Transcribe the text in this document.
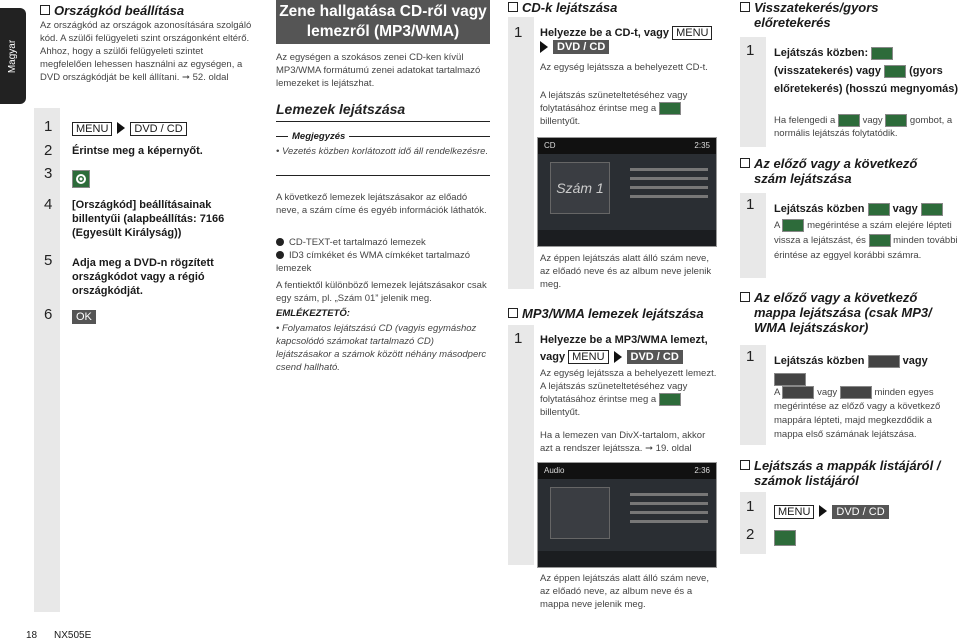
Magyar
Országkód beállítása
Az országkód az országok azonosítására szolgáló kód. A szülői felügyeleti szint országonként eltérő. Ahhoz, hogy a szülői felügyeleti szintet megfelelően lehessen használni az egységen, a DVD országkódját be kell állítani. ➞ 52. oldal
1	MENU DVD / CD
2 Érintse meg a képernyőt.
3
4 [Országkód] beállításainak billentyűi (alapbeállítás: 7166 (Egyesült Királyság))
5 Adja meg a DVD-n rögzített országkódot vagy a régió országkódját.
6	OK
Zene hallgatása CD-ről vagy lemezről (MP3/WMA)
Az egységen a szokásos zenei CD-ken kívül MP3/WMA formátumú zenei adatokat tartalmazó lemezeket is lejátszhat.
Lemezek lejátszása
Megjegyzés
• Vezetés közben korlátozott idő áll rendelkezésre.
A következő lemezek lejátszásakor az előadó neve, a szám címe és egyéb információk láthatók.
CD-TEXT-et tartalmazó lemezek
ID3 címkéket és WMA címkéket tartalmazó lemezek
A fentiektől különböző lemezek lejátszásakor csak egy szám, pl. „Szám 01” jelenik meg.
EMLÉKEZTETŐ:
• Folyamatos lejátszású CD (vagyis egymáshoz kapcsolódó számokat tartalmazó CD) lejátszásakor a számok között néhány másodperc csend hallható.
CD-k lejátszása
1 Helyezze be a CD-t, vagy MENU
DVD / CD
Az egység lejátssza a behelyezett CD-t.
A lejátszás szüneteltetéséhez vagy folytatásához érintse meg a  billentyűt.
CD	2:35
Szám 1
Az éppen lejátszás alatt álló szám neve, az előadó neve és az album neve jelenik meg.
MP3/WMA lemezek lejátszása
1 Helyezze be a MP3/WMA lemezt, vagy MENU DVD / CD
Az egység lejátssza a behelyezett lemezt. A lejátszás szüneteltetéséhez vagy folytatásához érintse meg a  billentyűt.
Ha a lemezen van DivX-tartalom, akkor azt a rendszer lejátssza. ➞ 19. oldal
Audio	2:36
Az éppen lejátszás alatt álló szám neve, az előadó neve, az album neve és a mappa neve jelenik meg.
Visszatekerés/gyors előretekerés
1 Lejátszás közben:  (visszatekerés) vagy	(gyors előretekerés) (hosszú megnyomás)
Ha felengedi a	vagy	gombot, a normális lejátszás folytatódik.
Az előző vagy a következő szám lejátszása
1 Lejátszás közben	vagy
A	megérintése a szám elejére lépteti vissza a lejátszást, és	minden további érintése az eggyel korábbi számra.
Az előző vagy a következő mappa lejátszása (csak MP3/ WMA lejátszáskor)
1 Lejátszás közben	vagy

A	vagy	minden egyes megérintése az előző vagy a következő mappára lépteti, majd megkezdődik a mappa első számának lejátszása.
Lejátszás a mappák listájáról / számok listájáról
1	MENU DVD / CD
2
18 NX505E
